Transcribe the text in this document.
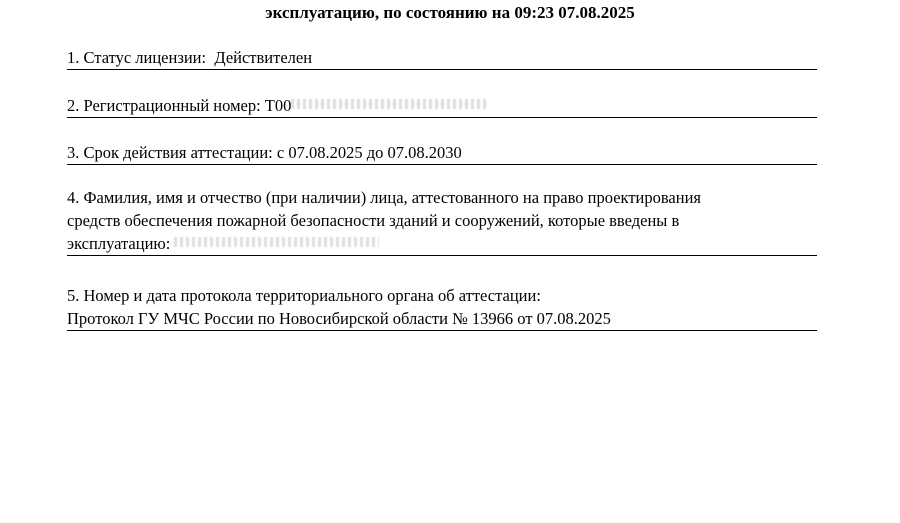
эксплуатацию, по состоянию на 09:23 07.08.2025
1. Статус лицензии: Действителен
2. Регистрационный номер: Т00
3. Срок действия аттестации: с 07.08.2025 до 07.08.2030
4. Фамилия, имя и отчество (при наличии) лица, аттестованного на право проектирования
средств обеспечения пожарной безопасности зданий и сооружений, которые введены в
эксплуатацию:
5. Номер и дата протокола территориального органа об аттестации:
Протокол ГУ МЧС России по Новосибирской области № 13966 от 07.08.2025
